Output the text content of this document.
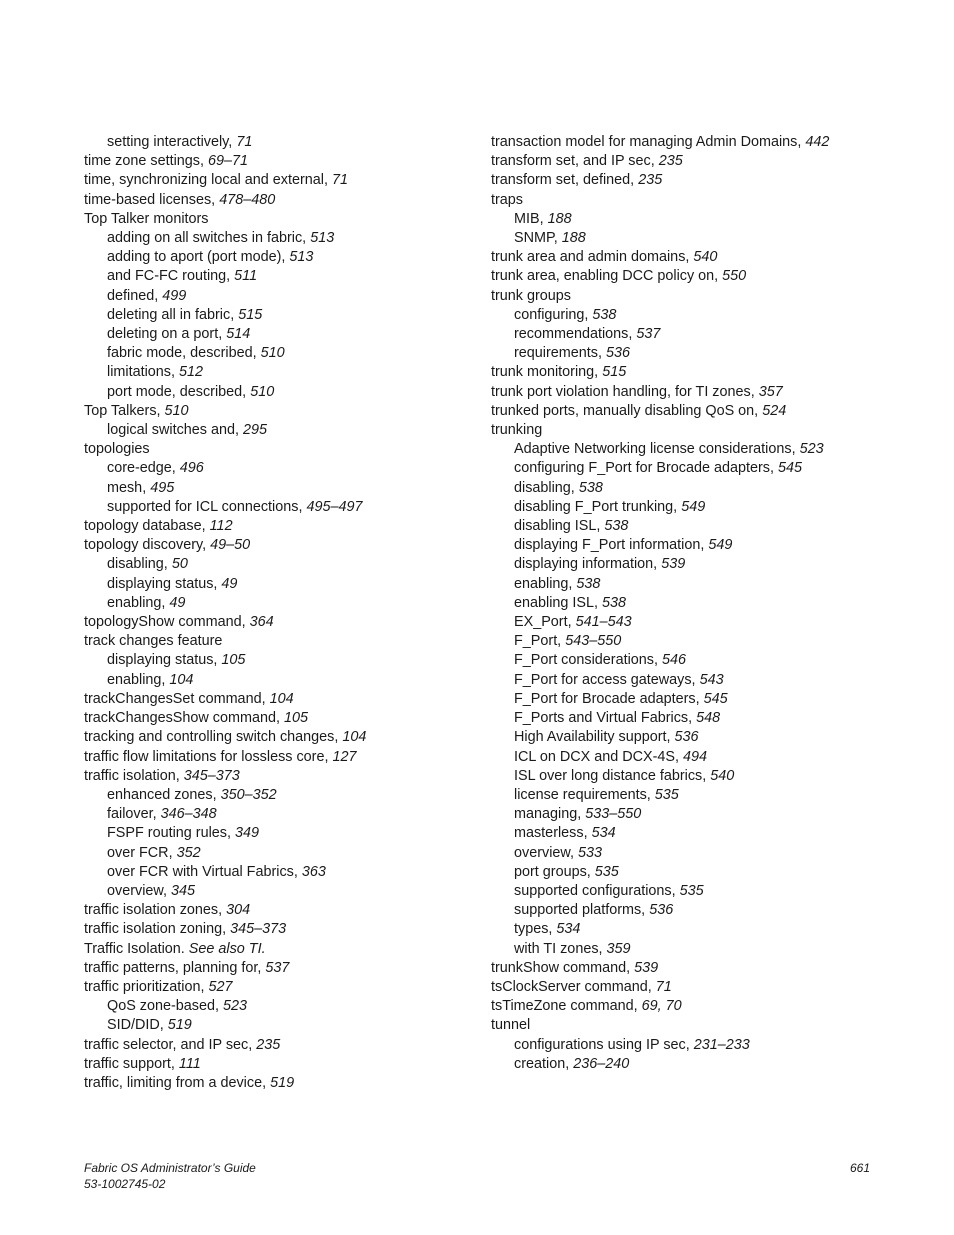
setting interactively, 71
time zone settings, 69–71
time, synchronizing local and external, 71
time-based licenses, 478–480
Top Talker monitors
adding on all switches in fabric, 513
adding to aport (port mode), 513
and FC-FC routing, 511
defined, 499
deleting all in fabric, 515
deleting on a port, 514
fabric mode, described, 510
limitations, 512
port mode, described, 510
Top Talkers, 510
logical switches and, 295
topologies
core-edge, 496
mesh, 495
supported for ICL connections, 495–497
topology database, 112
topology discovery, 49–50
disabling, 50
displaying status, 49
enabling, 49
topologyShow command, 364
track changes feature
displaying status, 105
enabling, 104
trackChangesSet command, 104
trackChangesShow command, 105
tracking and controlling switch changes, 104
traffic flow limitations for lossless core, 127
traffic isolation, 345–373
enhanced zones, 350–352
failover, 346–348
FSPF routing rules, 349
over FCR, 352
over FCR with Virtual Fabrics, 363
overview, 345
traffic isolation zones, 304
traffic isolation zoning, 345–373
Traffic Isolation. See also TI.
traffic patterns, planning for, 537
traffic prioritization, 527
QoS zone-based, 523
SID/DID, 519
traffic selector, and IP sec, 235
traffic support, 111
traffic, limiting from a device, 519
transaction model for managing Admin Domains, 442
transform set, and IP sec, 235
transform set, defined, 235
traps
MIB, 188
SNMP, 188
trunk area and admin domains, 540
trunk area, enabling DCC policy on, 550
trunk groups
configuring, 538
recommendations, 537
requirements, 536
trunk monitoring, 515
trunk port violation handling, for TI zones, 357
trunked ports, manually disabling QoS on, 524
trunking
Adaptive Networking license considerations, 523
configuring F_Port for Brocade adapters, 545
disabling, 538
disabling F_Port trunking, 549
disabling ISL, 538
displaying F_Port information, 549
displaying information, 539
enabling, 538
enabling ISL, 538
EX_Port, 541–543
F_Port, 543–550
F_Port considerations, 546
F_Port for access gateways, 543
F_Port for Brocade adapters, 545
F_Ports and Virtual Fabrics, 548
High Availability support, 536
ICL on DCX and DCX-4S, 494
ISL over long distance fabrics, 540
license requirements, 535
managing, 533–550
masterless, 534
overview, 533
port groups, 535
supported configurations, 535
supported platforms, 536
types, 534
with TI zones, 359
trunkShow command, 539
tsClockServer command, 71
tsTimeZone command, 69, 70
tunnel
configurations using IP sec, 231–233
creation, 236–240
Fabric OS Administrator’s Guide
53-1002745-02
661
